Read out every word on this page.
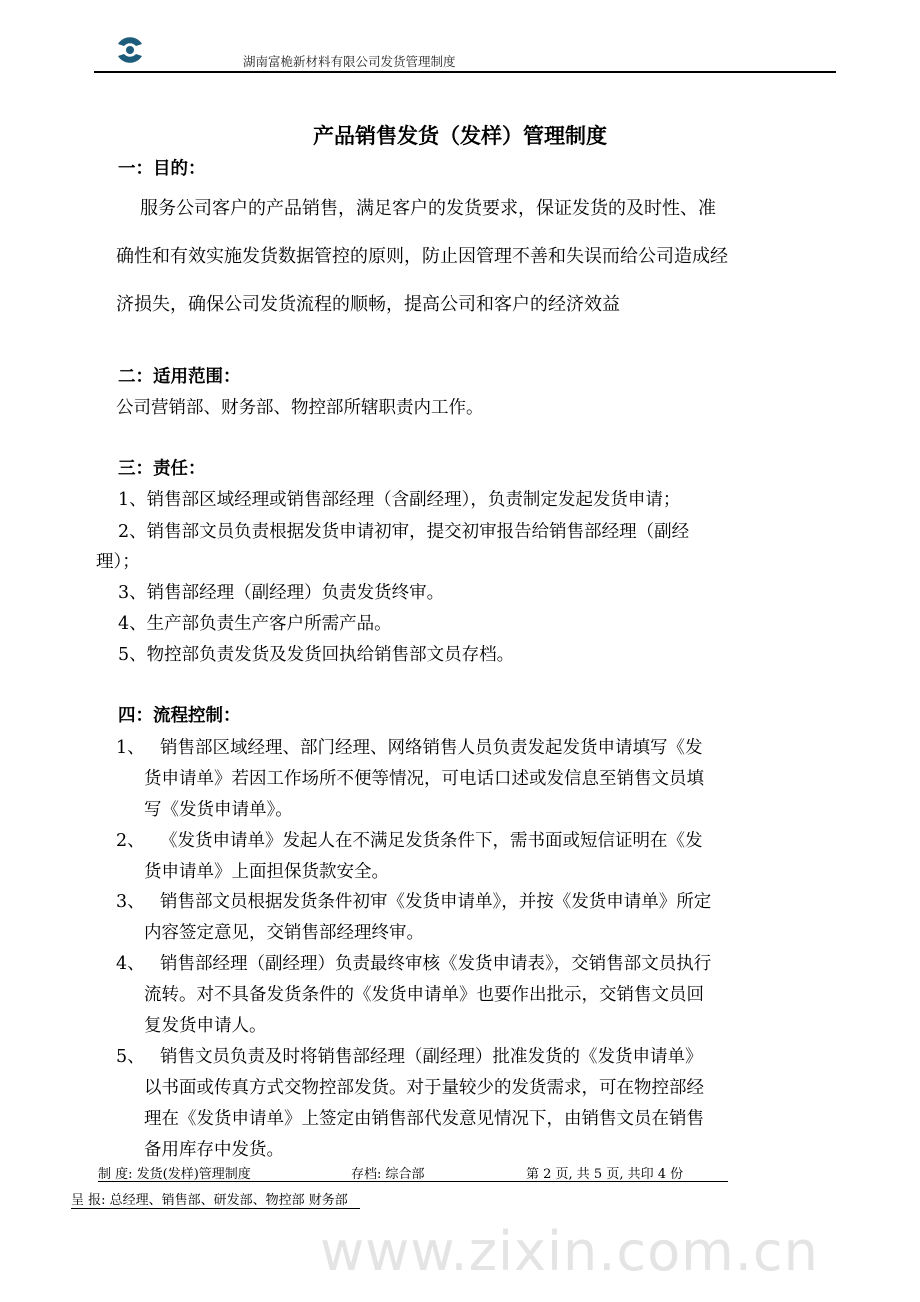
湖南富桅新材料有限公司发货管理制度
www.zixin.com.cn
产品销售发货（发样）管理制度
一：目的：
服务公司客户的产品销售，满足客户的发货要求，保证发货的及时性、准
确性和有效实施发货数据管控的原则，防止因管理不善和失误而给公司造成经
济损失，确保公司发货流程的顺畅，提高公司和客户的经济效益
二：适用范围：
公司营销部、财务部、物控部所辖职责内工作。
三：责任：
1、销售部区域经理或销售部经理（含副经理），负责制定发起发货申请；
2、销售部文员负责根据发货申请初审，提交初审报告给销售部经理（副经
理）；
3、销售部经理（副经理）负责发货终审。
4、生产部负责生产客户所需产品。
5、物控部负责发货及发货回执给销售部文员存档。
四：流程控制：
1、 销售部区域经理、部门经理、网络销售人员负责发起发货申请填写《发
货申请单》若因工作场所不便等情况，可电话口述或发信息至销售文员填
写《发货申请单》。
2、 《发货申请单》发起人在不满足发货条件下，需书面或短信证明在《发
货申请单》上面担保货款安全。
3、 销售部文员根据发货条件初审《发货申请单》，并按《发货申请单》所定
内容签定意见，交销售部经理终审。
4、 销售部经理（副经理）负责最终审核《发货申请表》，交销售部文员执行
流转。对不具备发货条件的《发货申请单》也要作出批示，交销售文员回
复发货申请人。
5、 销售文员负责及时将销售部经理（副经理）批准发货的《发货申请单》
以书面或传真方式交物控部发货。对于量较少的发货需求，可在物控部经
理在《发货申请单》上签定由销售部代发意见情况下，由销售文员在销售
备用库存中发货。
制 度: 发货(发样)管理制度	存档: 综合部	第 2 页, 共 5 页, 共印 4 份
呈 报: 总经理、销售部、研发部、物控部 财务部
